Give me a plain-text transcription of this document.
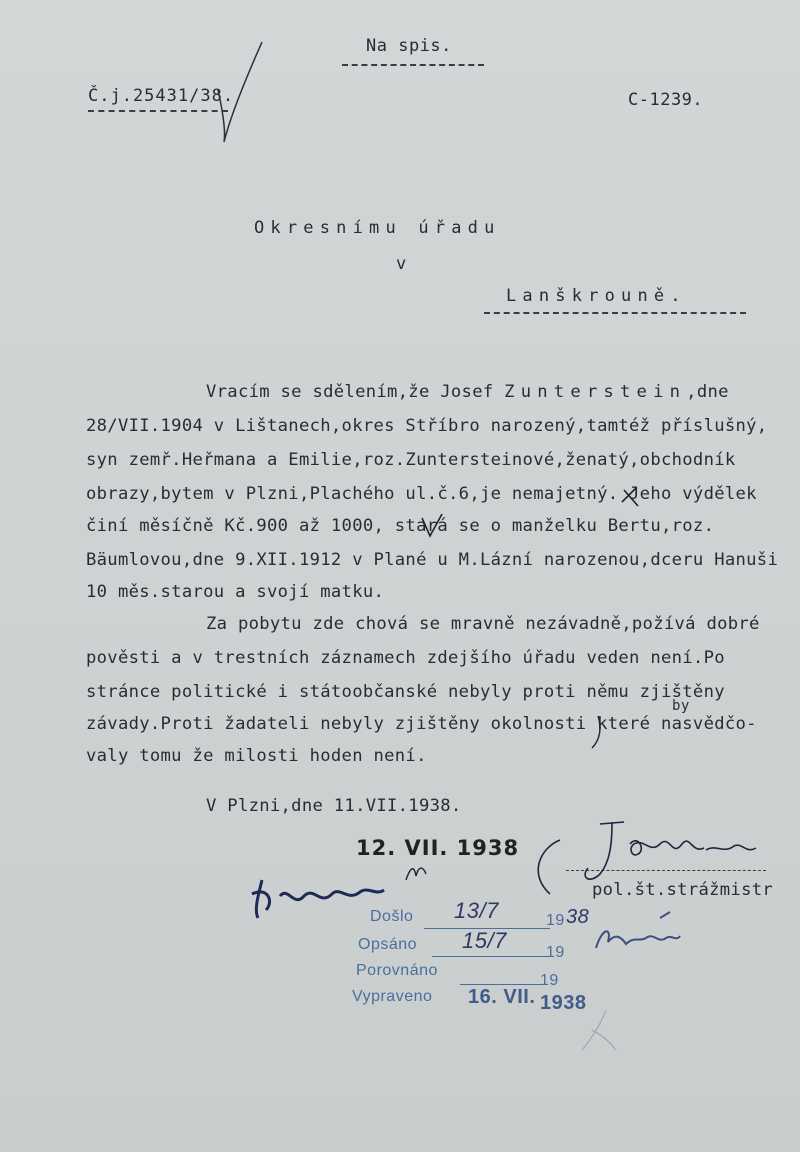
Na spis.
Č.j.25431/38.	C-1239.
Okresnímu úřadu
v
Lanškrouně.
Vracím se sdělením,že Josef Zunterstein,dne
28/VII.1904 v Lištanech,okres Stříbro narozený,tamtéž příslušný,
syn zemř.Heřmana a Emilie,roz.Zuntersteinové,ženatý,obchodník
obrazy,bytem v Plzni,Plachého ul.č.6,je nemajetný. Jeho výdělek
činí měsíčně Kč.900 až 1000, stará se o manželku Bertu,roz.
Bäumlovou,dne 9.XII.1912 v Plané u M.Lázní narozenou,dceru Hanuši
10 měs.starou a svojí matku.
Za pobytu zde chová se mravně nezávadně,požívá dobré
pověsti a v trestních záznamech zdejšího úřadu veden není.Po
stránce politické i státoobčanské nebyly proti němu zjištěny
by
závady.Proti žadateli nebyly zjištěny okolnosti které nasvědčo-
valy tomu že milosti hoden není.
V Plzni,dne 11.VII.1938.
12. VII. 1938
pol.št.strážmistr
Došlo 13/7	19 38
Opsáno 15/7 19
Porovnáno
19
Vypraveno 16. VII. 1938
